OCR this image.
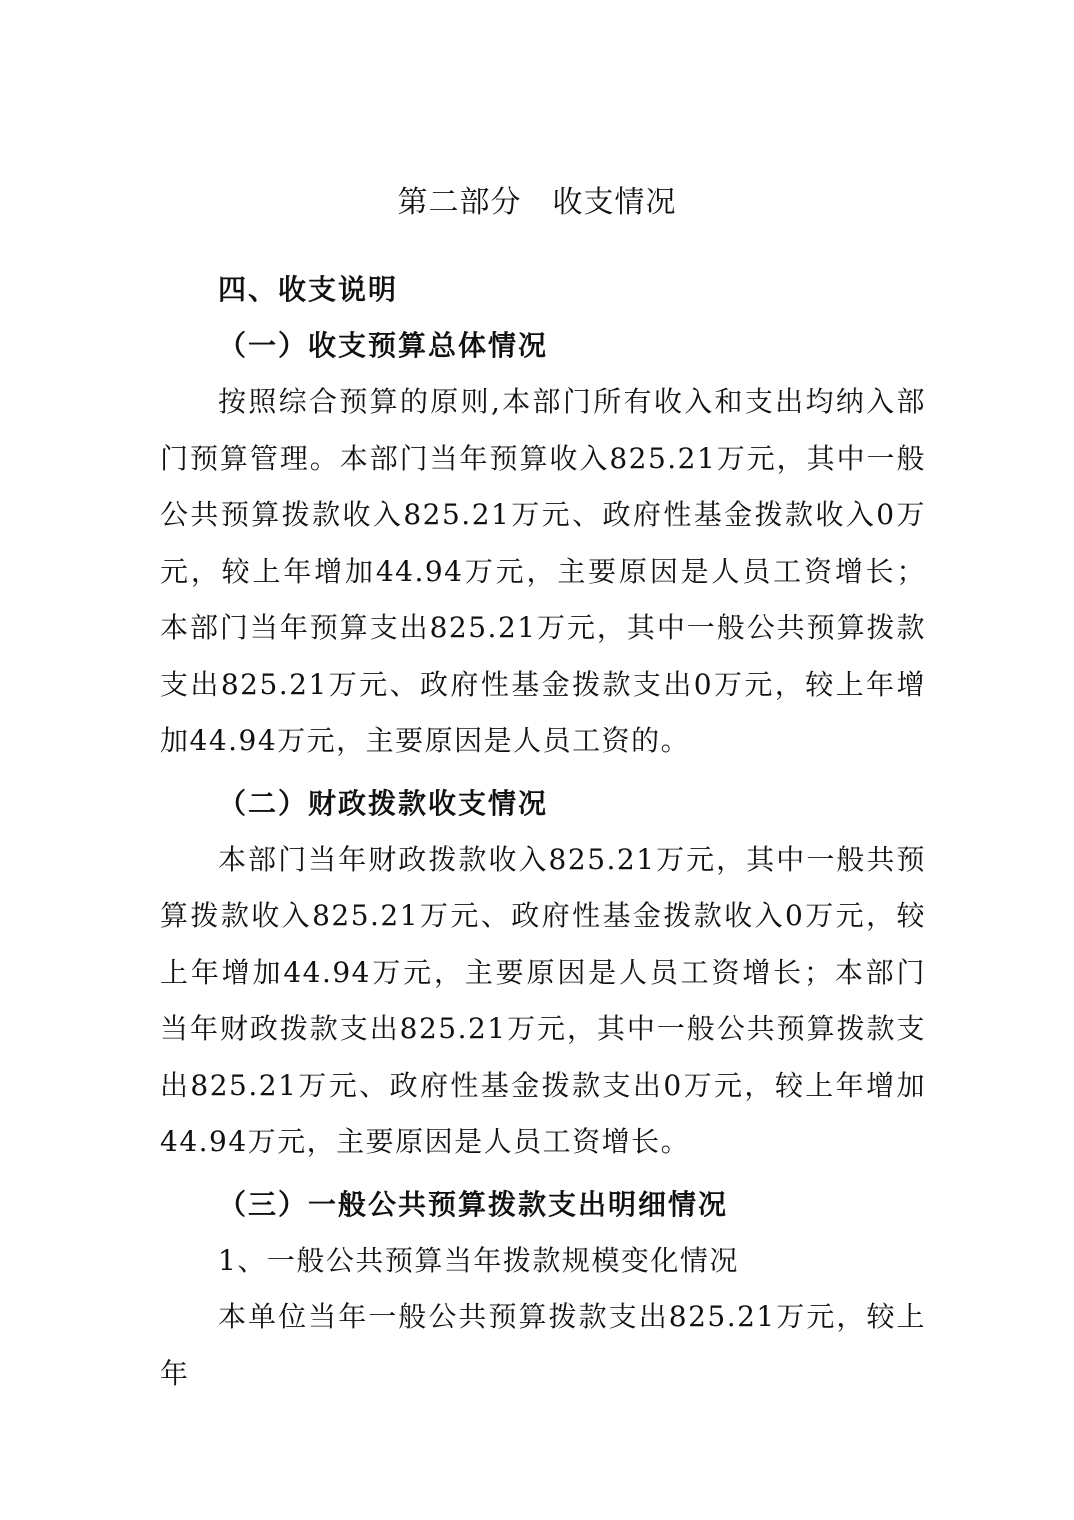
第二部分　收支情况

四、收支说明

（一）收支预算总体情况

按照综合预算的原则,本部门所有收入和支出均纳入部门预算管理。本部门当年预算收入825.21万元，其中一般公共预算拨款收入825.21万元、政府性基金拨款收入0万元，较上年增加44.94万元，主要原因是人员工资增长；本部门当年预算支出825.21万元，其中一般公共预算拨款支出825.21万元、政府性基金拨款支出0万元，较上年增加44.94万元，主要原因是人员工资的。

（二）财政拨款收支情况

本部门当年财政拨款收入825.21万元，其中一般共预算拨款收入825.21万元、政府性基金拨款收入0万元，较上年增加44.94万元，主要原因是人员工资增长；本部门当年财政拨款支出825.21万元，其中一般公共预算拨款支出825.21万元、政府性基金拨款支出0万元，较上年增加44.94万元，主要原因是人员工资增长。

（三）一般公共预算拨款支出明细情况

1、一般公共预算当年拨款规模变化情况

本单位当年一般公共预算拨款支出825.21万元，较上年
